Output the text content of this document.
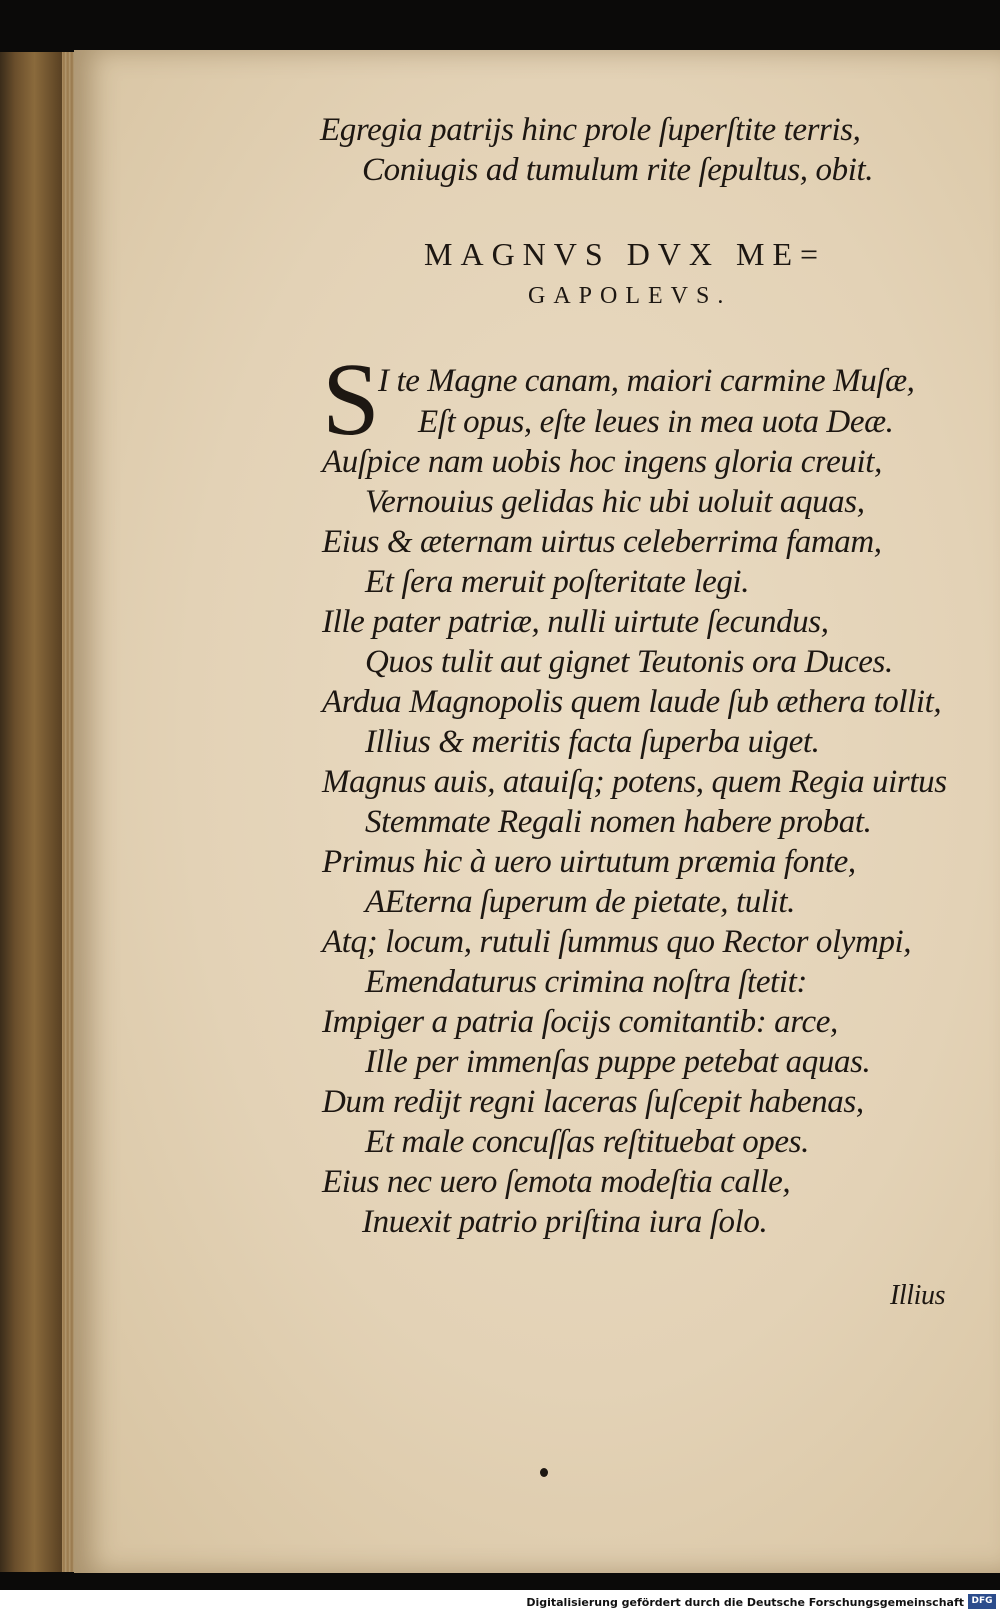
Egregia patrijs hinc prole ſuperſtite terris,
Coniugis ad tumulum rite ſepultus, obit.
MAGNVS DVX ME=
GAPOLEVS.
S
I te Magne canam, maiori carmine Muſæ,
Eſt opus, eſte leues in mea uota Deæ.
Auſpice nam uobis hoc ingens gloria creuit,
Vernouius gelidas hic ubi uoluit aquas,
Eius & æternam uirtus celeberrima famam,
Et ſera meruit poſteritate legi.
Ille pater patriæ, nulli uirtute ſecundus,
Quos tulit aut gignet Teutonis ora Duces.
Ardua Magnopolis quem laude ſub æthera tollit,
Illius & meritis facta ſuperba uiget.
Magnus auis, atauiſq; potens, quem Regia uirtus
Stemmate Regali nomen habere probat.
Primus hic à uero uirtutum præmia fonte,
AEterna ſuperum de pietate, tulit.
Atq; locum, rutuli ſummus quo Rector olympi,
Emendaturus crimina noſtra ſtetit:
Impiger a patria ſocijs comitantib: arce,
Ille per immenſas puppe petebat aquas.
Dum redijt regni laceras ſuſcepit habenas,
Et male concuſſas reſtituebat opes.
Eius nec uero ſemota modeſtia calle,
Inuexit patrio priſtina iura ſolo.
Illius
Digitalisierung gefördert durch die Deutsche Forschungsgemeinschaft DFG
